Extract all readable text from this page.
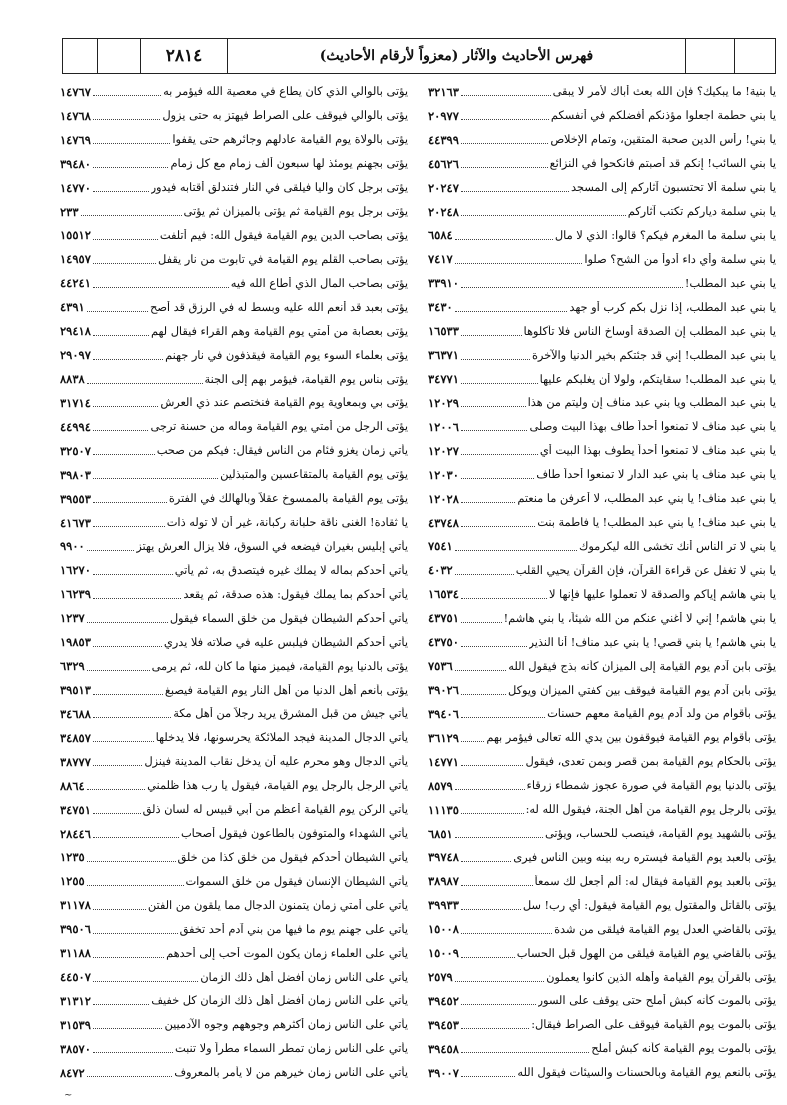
٢٨١٤	فهرس الأحاديث والآثار (معزواً لأرقام الأحاديث)
يا بنية! ما يبكيك؟ فإن الله بعث أباك لأمر لا يبقى
٣٢١٦٣
يا بني حطمة اجعلوا مؤذنكم أفضلكم في أنفسكم
٢٠٩٧٧
يا بني! رأس الدين صحبة المتقين، وتمام الإخلاص
٤٤٣٩٩
يا بني السائب! إنكم قد أصبتم فانكحوا في النزائع
٤٥٦٢٦
يا بني سلمة ألا تحتسبون آثاركم إلى المسجد
٢٠٢٤٧
يا بني سلمة دياركم تكتب آثاركم
٢٠٢٤٨
يا بني سلمة ما المغرم فيكم؟ قالوا: الذي لا مال
٦٥٨٤
يا بني سلمة وأي داء أدوأ من الشح؟ صلوا
٧٤١٧
يا بني عبد المطلب!
٣٣٩١٠
يا بني عبد المطلب، إذا نزل بكم كرب أو جهد
٣٤٣٠
يا بني عبد المطلب إن الصدقة أوساخ الناس فلا تأكلوها
١٦٥٣٣
يا بني عبد المطلب! إني قد جئتكم بخير الدنيا والآخرة
٣٦٣٧١
يا بني عبد المطلب! سقايتكم، ولولا أن يغلبكم عليها
٣٤٧٧١
يا بني عبد المطلب ويا بني عبد مناف إن وليتم من هذا
١٢٠٢٩
يا بني عبد مناف لا تمنعوا أحداً طاف بهذا البيت وصلى
١٢٠٠٦
يا بني عبد مناف لا تمنعوا أحداً يطوف بهذا البيت أي
١٢٠٢٧
يا بني عبد مناف يا بني عبد الدار لا تمنعوا أحداً طاف
١٢٠٣٠
يا بني عبد مناف! يا بني عبد المطلب، لا أعرفن ما منعتم
١٢٠٢٨
يا بني عبد مناف! يا بني عبد المطلب! يا فاطمة بنت
٤٣٧٤٨
يا بني لا تر الناس أنك تخشى الله ليكرموك
٧٥٤١
يا بني لا تغفل عن قراءة القرآن، فإن القرآن يحيي القلب
٤٠٣٢
يا بني هاشم إياكم والصدقة لا تعملوا عليها فإنها لا
١٦٥٣٤
يا بني هاشم! إني لا أغني عنكم من الله شيئاً، يا بني هاشم!
٤٣٧٥١
يا بني هاشم! يا بني قصي! يا بني عبد مناف! أنا النذير
٤٣٧٥٠
يؤتى بابن آدم يوم القيامة إلى الميزان كأنه بذج فيقول الله
٧٥٣٦
يؤتى بابن آدم يوم القيامة فيوقف بين كفتي الميزان ويوكل
٣٩٠٢٦
يؤتى بأقوام من ولد آدم يوم القيامة معهم حسنات
٣٩٤٠٦
يؤتى بأقوام يوم القيامة فيوقفون بين يدي الله تعالى فيؤمر بهم
٣٦١٢٩
يؤتى بالحكام يوم القيامة بمن قصر وبمن تعدى، فيقول
١٤٧٧١
يؤتى بالدنيا يوم القيامة في صورة عجوز شمطاء زرقاء
٨٥٧٩
يؤتى بالرجل يوم القيامة من أهل الجنة، فيقول الله له:
١١١٣٥
يؤتى بالشهيد يوم القيامة، فينصب للحساب، ويؤتى
٦٨٥١
يؤتى بالعبد يوم القيامة فيستره ربه بينه وبين الناس فيرى
٣٩٧٤٨
يؤتى بالعبد يوم القيامة فيقال له: ألم أجعل لك سمعاً
٣٨٩٨٧
يؤتى بالقاتل والمقتول يوم القيامة فيقول: أي رب! سل
٣٩٩٣٣
يؤتى بالقاضي العدل يوم القيامة فيلقى من شدة
١٥٠٠٨
يؤتى بالقاضي يوم القيامة فيلقى من الهول قبل الحساب
١٥٠٠٩
يؤتى بالقرآن يوم القيامة وأهله الذين كانوا يعملون
٢٥٧٩
يؤتى بالموت كأنه كبش أملح حتى يوقف على السور
٣٩٤٥٢
يؤتى بالموت يوم القيامة فيوقف على الصراط فيقال:
٣٩٤٥٣
يؤتى بالموت يوم القيامة كأنه كبش أملح
٣٩٤٥٨
يؤتى بالنعم يوم القيامة وبالحسنات والسيئات فيقول الله
٣٩٠٠٧
يؤتى بالوالي الذي كان يطاع في معصية الله فيؤمر به
١٤٧٦٧
يؤتى بالوالي فيوقف على الصراط فيهتز به حتى يزول
١٤٧٦٨
يؤتى بالولاة يوم القيامة عادلهم وجائرهم حتى يقفوا
١٤٧٦٩
يؤتى بجهنم يومئذ لها سبعون ألف زمام مع كل زمام
٣٩٤٨٠
يؤتى برجل كان واليا فيلقى في النار فتندلق أقتابه فيدور
١٤٧٧٠
يؤتى برجل يوم القيامة ثم يؤتى بالميزان ثم يؤتى
٢٣٣
يؤتى بصاحب الدين يوم القيامة فيقول الله: فيم أتلفت
١٥٥١٢
يؤتى بصاحب القلم يوم القيامة في تابوت من نار يقفل
١٤٩٥٧
يؤتى بصاحب المال الذي أطاع الله فيه
٤٤٢٤١
يؤتى بعبد قد أنعم الله عليه وبسط له في الرزق قد أصح
٤٣٩١
يؤتى بعصابة من أمتي يوم القيامة وهم القراء فيقال لهم
٢٩٤١٨
يؤتى بعلماء السوء يوم القيامة فيقذفون في نار جهنم
٢٩٠٩٧
يؤتى بناس يوم القيامة، فيؤمر بهم إلى الجنة
٨٨٣٨
يؤتى بي وبمعاوية يوم القيامة فنختصم عند ذي العرش
٣١٧١٤
يؤتى الرجل من أمتي يوم القيامة وماله من حسنة ترجى
٤٤٩٩٤
يأتي زمان يغزو فئام من الناس فيقال: فيكم من صحب
٣٢٥٠٧
يؤتى يوم القيامة بالمتقاعسين والمتبذلين
٣٩٨٠٣
يؤتى يوم القيامة بالممسوخ عقلاً وبالهالك في الفترة
٣٩٥٥٣
يا ثقادة! الغنى ناقة حلبانة ركبانة، غير أن لا توله ذات
٤١٦٧٣
يأتي إبليس بغيران فيضعه في السوق، فلا يزال العرش يهتز
٩٩٠٠
يأتي أحدكم بماله لا يملك غيره فيتصدق به، ثم يأتي
١٦٢٧٠
يأتي أحدكم بما يملك فيقول: هذه صدقة، ثم يقعد
١٦٢٣٩
يأتي أحدكم الشيطان فيقول من خلق السماء فيقول
١٢٣٧
يأتي أحدكم الشيطان فيلبس عليه في صلاته فلا يدري
١٩٨٥٣
يؤتى بالدنيا يوم القيامة، فيميز منها ما كان لله، ثم يرمى
٦٣٢٩
يؤتى بأنعم أهل الدنيا من أهل النار يوم القيامة فيصبغ
٣٩٥١٣
يأتي جيش من قبل المشرق يريد رجلاً من أهل مكة
٣٤٦٨٨
يأتي الدجال المدينة فيجد الملائكة يحرسونها، فلا يدخلها
٣٤٨٥٧
يأتي الدجال وهو محرم عليه أن يدخل نقاب المدينة فينزل
٣٨٧٧٧
يأتي الرجل بالرجل يوم القيامة، فيقول يا رب هذا ظلمني
٨٨٦٤
يأتي الركن يوم القيامة أعظم من أبي قبيس له لسان ذلق
٣٤٧٥١
يأتي الشهداء والمتوفون بالطاعون فيقول أصحاب
٢٨٤٤٦
يأتي الشيطان أحدكم فيقول من خلق كذا من خلق
١٢٣٥
يأتي الشيطان الإنسان فيقول من خلق السموات
١٢٥٥
يأتي على أمتي زمان يتمنون الدجال مما يلقون من الفتن
٣١١٧٨
يأتي على جهنم يوم ما فيها من بني آدم أحد تخفق
٣٩٥٠٦
يأتي على العلماء زمان يكون الموت أحب إلى أحدهم
٣١١٨٨
يأتي على الناس زمان أفضل أهل ذلك الزمان
٤٤٥٠٧
يأتي على الناس زمان أفضل أهل ذلك الزمان كل خفيف
٣١٣١٢
يأتي على الناس زمان أكثرهم وجوههم وجوه الآدميين
٣١٥٣٩
يأتي على الناس زمان تمطر السماء مطراً ولا تنبت
٣٨٥٧٠
يأتي على الناس زمان خيرهم من لا يأمر بالمعروف
٨٤٧٢
~
